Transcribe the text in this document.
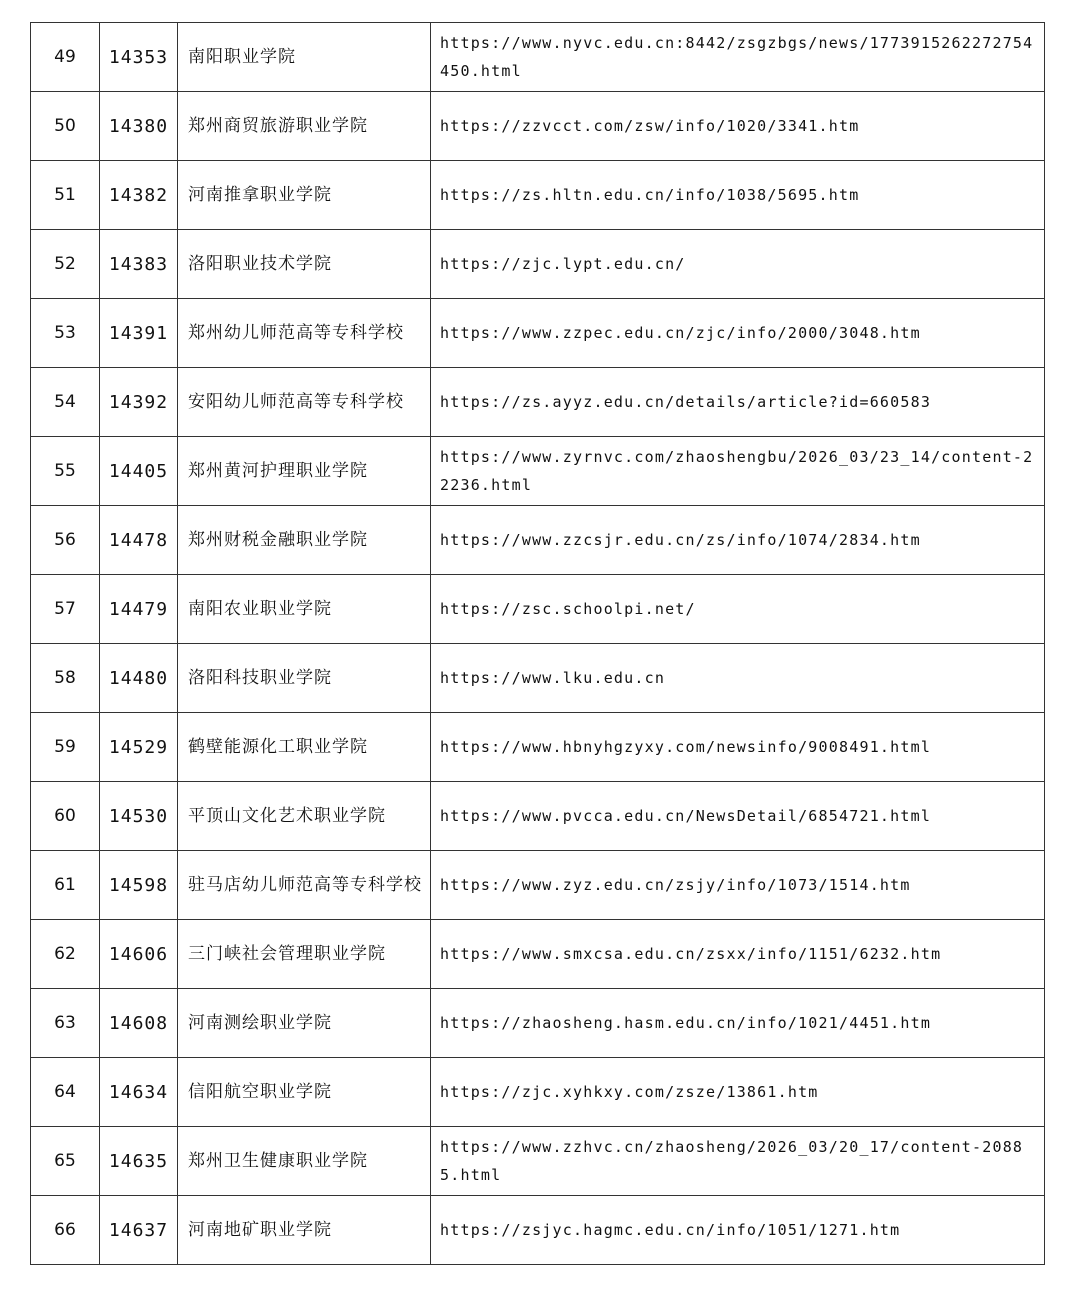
49	14353	南阳职业学院	https://www.nyvc.edu.cn:8442/zsgzbgs/news/1773915262272754450.html
50	14380	郑州商贸旅游职业学院	https://zzvcct.com/zsw/info/1020/3341.htm
51	14382	河南推拿职业学院	https://zs.hltn.edu.cn/info/1038/5695.htm
52	14383	洛阳职业技术学院	https://zjc.lypt.edu.cn/
53	14391	郑州幼儿师范高等专科学校	https://www.zzpec.edu.cn/zjc/info/2000/3048.htm
54	14392	安阳幼儿师范高等专科学校	https://zs.ayyz.edu.cn/details/article?id=660583
55	14405	郑州黄河护理职业学院	https://www.zyrnvc.com/zhaoshengbu/2026_03/23_14/content-22236.html
56	14478	郑州财税金融职业学院	https://www.zzcsjr.edu.cn/zs/info/1074/2834.htm
57	14479	南阳农业职业学院	https://zsc.schoolpi.net/
58	14480	洛阳科技职业学院	https://www.lku.edu.cn
59	14529	鹤壁能源化工职业学院	https://www.hbnyhgzyxy.com/newsinfo/9008491.html
60	14530	平顶山文化艺术职业学院	https://www.pvcca.edu.cn/NewsDetail/6854721.html
61	14598	驻马店幼儿师范高等专科学校	https://www.zyz.edu.cn/zsjy/info/1073/1514.htm
62	14606	三门峡社会管理职业学院	https://www.smxcsa.edu.cn/zsxx/info/1151/6232.htm
63	14608	河南测绘职业学院	https://zhaosheng.hasm.edu.cn/info/1021/4451.htm
64	14634	信阳航空职业学院	https://zjc.xyhkxy.com/zsze/13861.htm
65	14635	郑州卫生健康职业学院	https://www.zzhvc.cn/zhaosheng/2026_03/20_17/content-20885.html
66	14637	河南地矿职业学院	https://zsjyc.hagmc.edu.cn/info/1051/1271.htm
